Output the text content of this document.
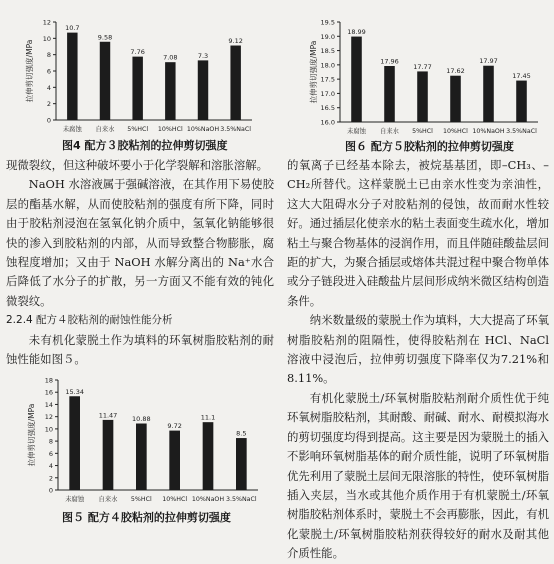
0
2
4
6
8
10
12
拉伸剪切强度/MPa
10.7
未腐蚀
9.58
自来水
7.76
5%HCl
7.08
10%HCl
7.3
10%NaOH
9.12
3.5%NaCl
图4 配方３胶粘剂的拉伸剪切强度
16.0
16.5
17.0
17.5
18.0
18.5
19.0
19.5
拉伸剪切强度/MPa
18.99
未腐蚀
17.96
自来水
17.77
5%HCl
17.62
10%HCl
17.97
10%NaOH
17.45
3.5%NaCl
图６ 配方５胶粘剂的拉伸剪切强度
0
2
4
6
8
10
12
14
16
18
拉伸剪切强度/MPa
15.34
未腐蚀
11.47
自来水
10.88
5%HCl
9.72
10%HCl
11.1
10%NaOH
8.5
3.5%NaCl
图５ 配方４胶粘剂的拉伸剪切强度

现微裂纹，但这种破坏要小于化学裂解和溶胀溶解。

NaOH 水溶液属于强碱溶液，在其作用下易使胶层的酯基水解，从而使胶粘剂的强度有所下降，同时由于胶粘剂浸泡在氢氧化钠介质中，氢氧化钠能够很快的渗入到胶粘剂的内部，从而导致整合物膨胀，腐蚀程度增加；又由于 NaOH 水解分离出的 Na⁺水合后降低了水分子的扩散，另一方面又不能有效的钝化微裂纹。

2.2.4 配方４胶粘剂的耐蚀性能分析

未有机化蒙脱土作为填料的环氧树脂胶粘剂的耐蚀性能如图５。

的氧离子已经基本除去，被烷基基团，即–CH₃、–CH₂所替代。这样蒙脱土已由亲水性变为亲油性，这大大阻碍水分子对胶粘剂的侵蚀，故而耐水性较好。通过插层化使亲水的粘土表面变生疏水化，增加粘土与聚合物基体的浸润作用，而且伴随硅酸盐层间距的扩大，为聚合插层或熔体共混过程中聚合物单体或分子链段进入硅酸盐片层间形成纳米微区结构创造条件。

纳米数量级的蒙脱土作为填料，大大提高了环氧树脂胶粘剂的阻隔性，使得胶粘剂在 HCl、NaCl 溶液中浸泡后，拉伸剪切强度下降率仅为7.21%和 8.11%。

有机化蒙脱土/环氧树脂胶粘剂耐介质性优于纯环氧树脂胶粘剂，其耐酸、耐碱、耐水、耐模拟海水的剪切强度均得到提高。这主要是因为蒙脱土的插入不影响环氧树脂基体的耐介质性能，说明了环氧树脂优先利用了蒙脱土层间无限溶胀的特性，使环氧树脂插入夹层，当水或其他介质作用于有机蒙脱土/环氧树脂胶粘剂体系时，蒙脱土不会再膨胀，因此，有机化蒙脱土/环氧树脂胶粘剂获得较好的耐水及耐其他介质性能。
